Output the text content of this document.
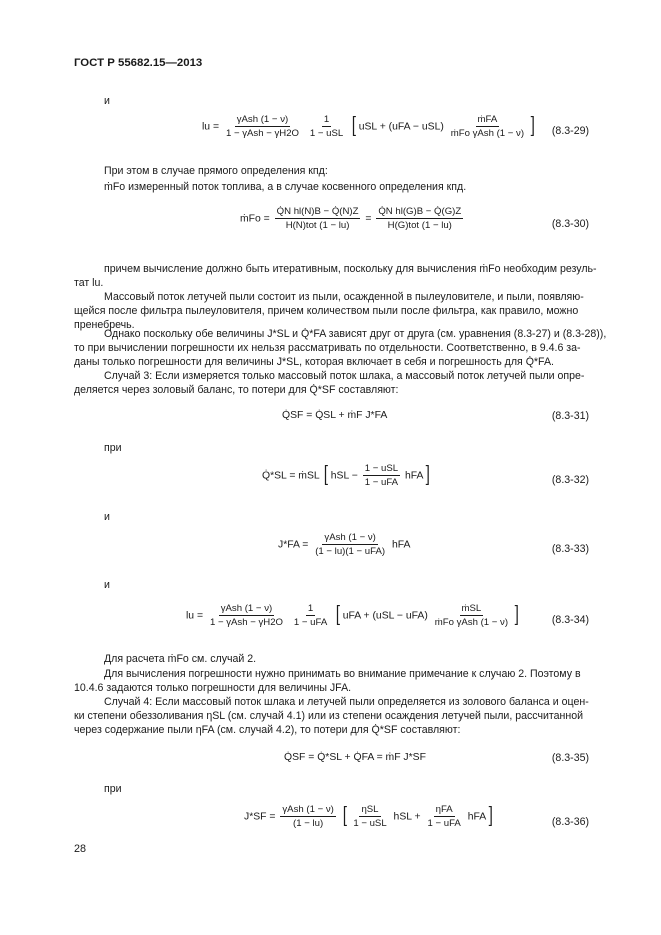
ГОСТ Р 55682.15—2013
и
lu = $\frac{\text{γAsh (1 − ν)}}{\text{1 − γAsh − γH2O}}$
$\frac{1}{\text{1 − uSL}}$ [ uSL + $(uFA - uSL) \frac{\text{ṁFA}}{\text{ṁFo γAsh (1 − ν)}}$ ] (8.3-29)
При этом в случае прямого определения кпд:
ṁFo измеренный поток топлива, а в случае косвенного определения кпд.
ṁFo = $\frac{\text{Q̇N hl(N)B − Q̇(N)Z}}{\text{H(N)tot (1 − lu)}} = \frac{\text{Q̇N hl(G)B − Q̇(G)Z}}{\text{H(G)tot (1 − lu)}}$	(8.3-30)
причем вычисление должно быть итеративным, поскольку для вычисления ṁFo необходим резуль-
тат lu.
Массовый поток летучей пыли состоит из пыли, осажденной в пылеуловителе, и пыли, появляю-
щейся после фильтра пылеуловителя, причем количеством пыли после фильтра, как правило, можно
пренебречь.
Однако поскольку обе величины J*SL и Q̇*FA зависят друг от друга (см. уравнения (8.3-27) и (8.3-28)),
то при вычислении погрешности их нельзя рассматривать по отдельности. Соответственно, в 9.4.6 за-
даны только погрешности для величины J*SL, которая включает в себя и погрешность для Q̇*FA.
Случай 3: Если измеряется только массовый поток шлака, а массовый поток летучей пыли опре-
деляется через золовый баланс, то потери для Q̇*SF составляют:
Q̇SF = Q̇SL + ṁF J*FA	(8.3-31)
при
Q̇*SL = ṁSL [ hSL − $\frac{\text{1 − uSL}}{\text{1 − uFA}} hFA$]	(8.3-32)
и
$J*FA = \frac{\text{γAsh (1 − ν)}}{\text{(1 − lu)(1 − uFA)}}$ hFA	(8.3-33)
и
lu = $\frac{\text{γAsh (1 − ν)}}{\text{1 − γAsh − γH2O}}$
$\frac{1}{\text{1 − uFA}}$ [ uFA + $(uSL - uFA) \frac{\text{ṁSL}}{\text{ṁFo γAsh (1 − ν)}}$ ]	(8.3-34)
Для расчета ṁFo см. случай 2.
Для вычисления погрешности нужно принимать во внимание примечание к случаю 2. Поэтому в
10.4.6 задаются только погрешности для величины JFA.
Случай 4: Если массовый поток шлака и летучей пыли определяется из золового баланса и оцен-
ки степени обеззоливания ηSL (см. случай 4.1) или из степени осаждения летучей пыли, рассчитанной
через содержание пыли ηFA (см. случай 4.2), то потери для Q̇*SF составляют:
Q̇SF = Q̇*SL + Q̇FA = ṁF J*SF	(8.3-35)
при
$J*SF = \frac{\text{γAsh (1 − ν)}}{(1 - lu)}$ [ $\frac{\text{ηSL}}{\text{1 − uSL}}$ hSL + $\frac{\text{ηFA}}{\text{1 − uFA}} hFA$]	(8.3-36)
28
